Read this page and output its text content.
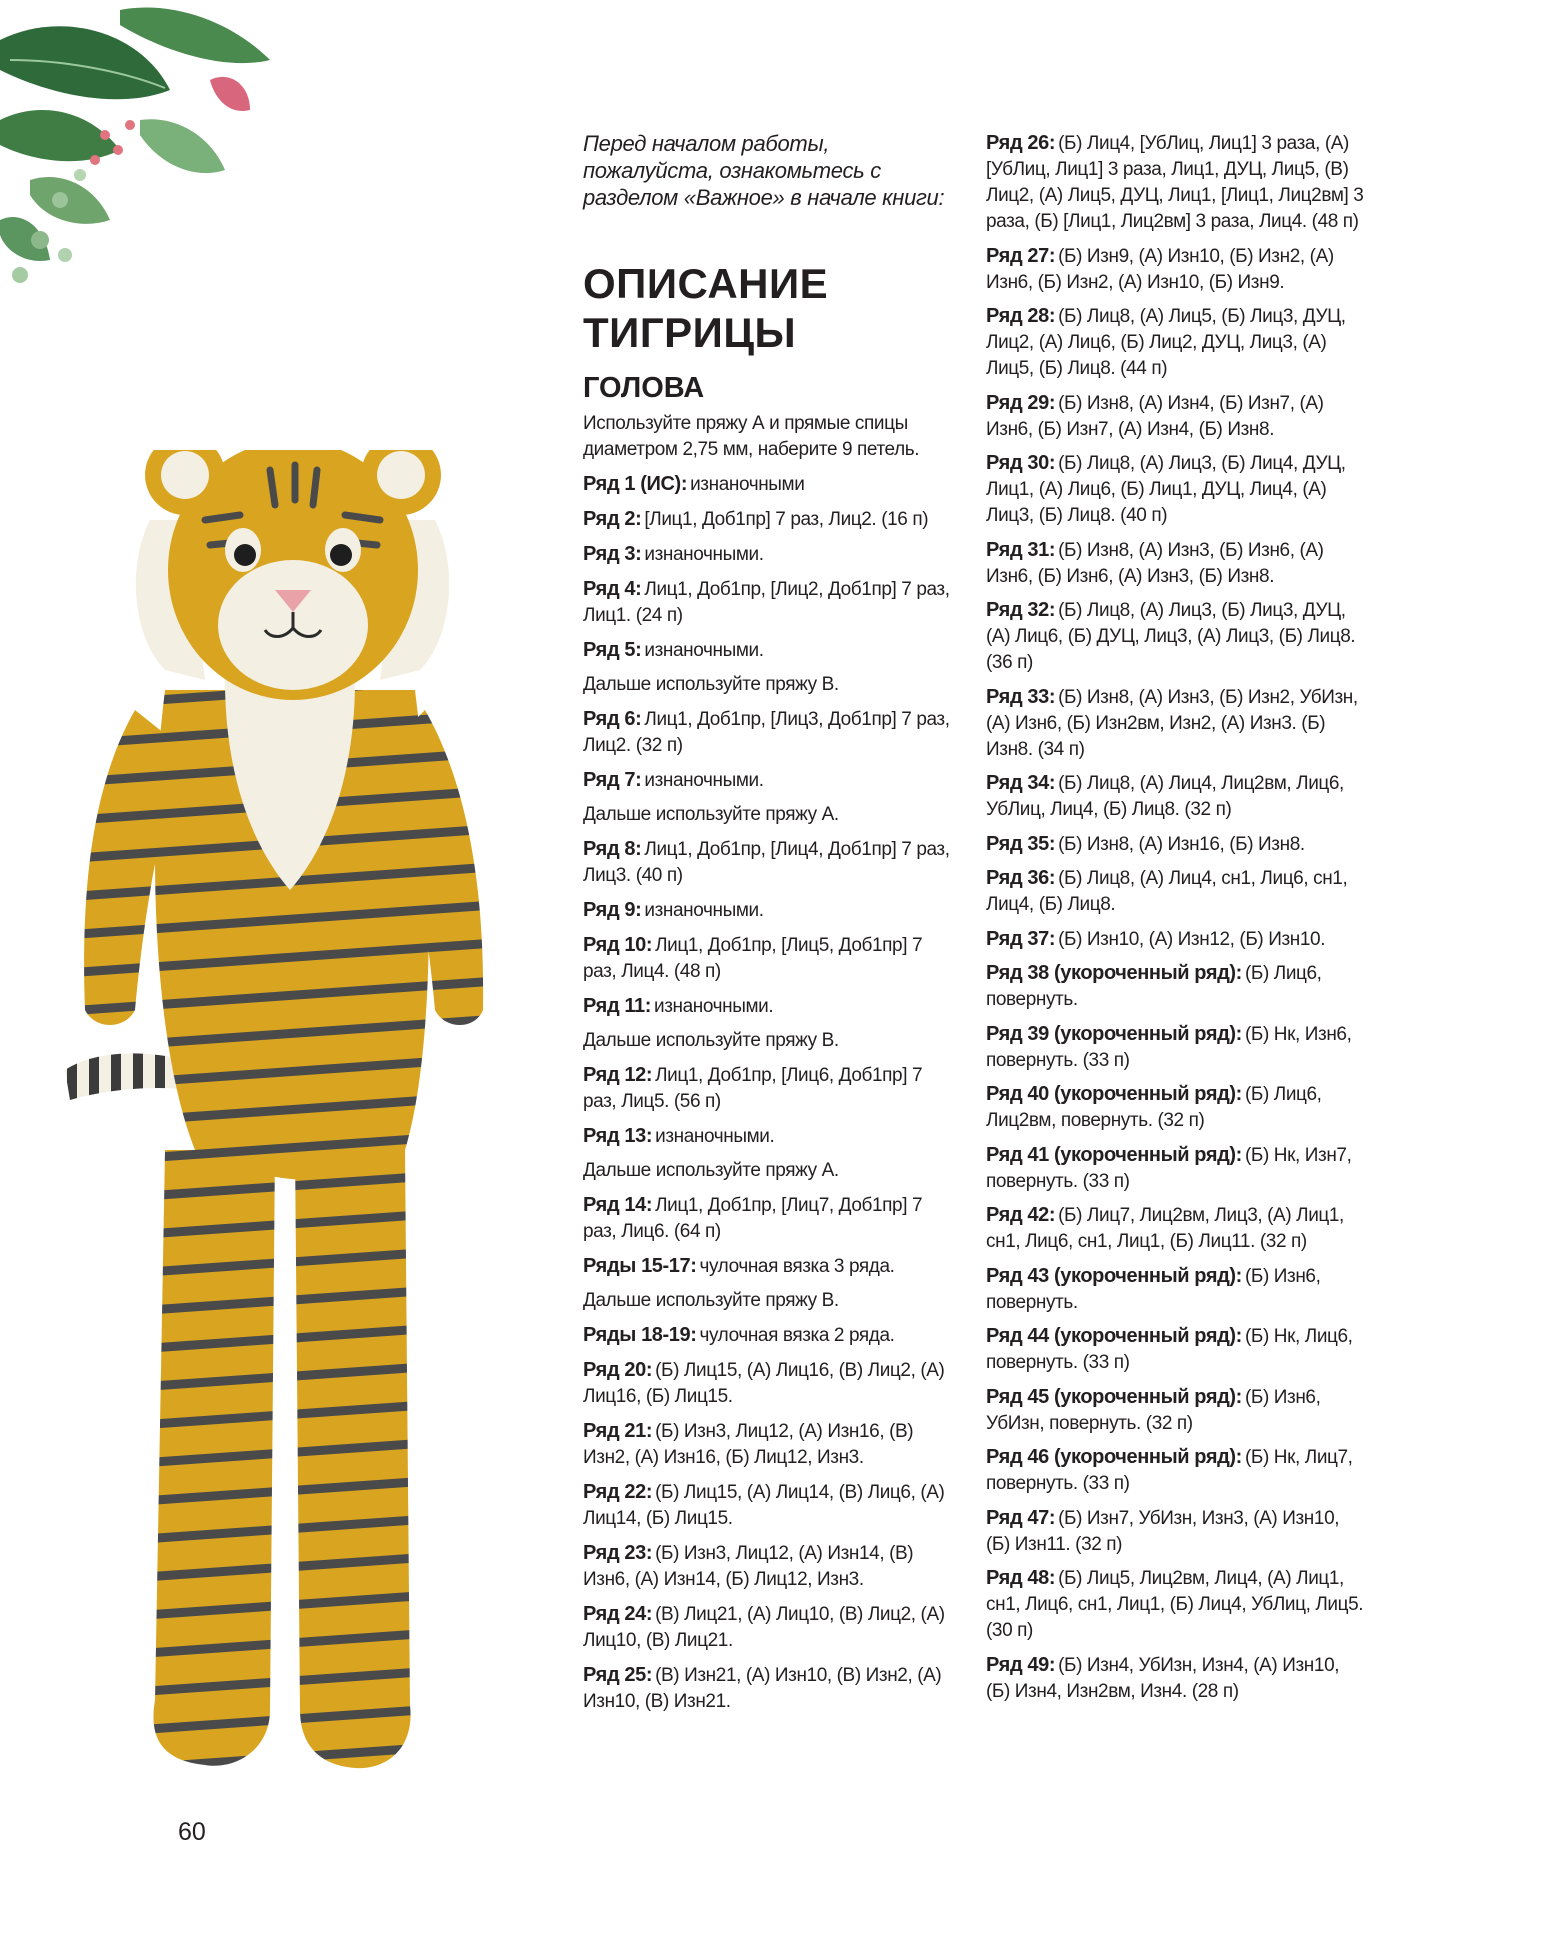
Перед началом работы, пожалуйста, ознакомьтесь с разделом «Важное» в начале книги:

ОПИСАНИЕ
ТИГРИЦЫ
ГОЛОВА

Используйте пряжу А и прямые спицы диаметром 2,75 мм, наберите 9 петель.

Ряд 1 (ИС): изнаночными

Ряд 2: [Лиц1, Доб1пр] 7 раз, Лиц2. (16 п)

Ряд 3: изнаночными.

Ряд 4: Лиц1, Доб1пр, [Лиц2, Доб1пр] 7 раз, Лиц1. (24 п)

Ряд 5: изнаночными.

Дальше используйте пряжу В.

Ряд 6: Лиц1, Доб1пр, [Лиц3, Доб1пр] 7 раз, Лиц2. (32 п)

Ряд 7: изнаночными.

Дальше используйте пряжу А.

Ряд 8: Лиц1, Доб1пр, [Лиц4, Доб1пр] 7 раз, Лиц3. (40 п)

Ряд 9: изнаночными.

Ряд 10: Лиц1, Доб1пр, [Лиц5, Доб1пр] 7 раз, Лиц4. (48 п)

Ряд 11: изнаночными.

Дальше используйте пряжу В.

Ряд 12: Лиц1, Доб1пр, [Лиц6, Доб1пр] 7 раз, Лиц5. (56 п)

Ряд 13: изнаночными.

Дальше используйте пряжу А.

Ряд 14: Лиц1, Доб1пр, [Лиц7, Доб1пр] 7 раз, Лиц6. (64 п)

Ряды 15-17: чулочная вязка 3 ряда.

Дальше используйте пряжу В.

Ряды 18-19: чулочная вязка 2 ряда.

Ряд 20: (Б) Лиц15, (А) Лиц16, (В) Лиц2, (А) Лиц16, (Б) Лиц15.

Ряд 21: (Б) Изн3, Лиц12, (А) Изн16, (В) Изн2, (А) Изн16, (Б) Лиц12, Изн3.

Ряд 22: (Б) Лиц15, (А) Лиц14, (В) Лиц6, (А) Лиц14, (Б) Лиц15.

Ряд 23: (Б) Изн3, Лиц12, (А) Изн14, (В) Изн6, (А) Изн14, (Б) Лиц12, Изн3.

Ряд 24: (В) Лиц21, (А) Лиц10, (В) Лиц2, (А) Лиц10, (В) Лиц21.

Ряд 25: (В) Изн21, (А) Изн10, (В) Изн2, (А) Изн10, (В) Изн21.

Ряд 26: (Б) Лиц4, [УбЛиц, Лиц1] 3 раза, (А) [УбЛиц, Лиц1] 3 раза, Лиц1, ДУЦ, Лиц5, (В) Лиц2, (А) Лиц5, ДУЦ, Лиц1, [Лиц1, Лиц2вм] 3 раза, (Б) [Лиц1, Лиц2вм] 3 раза, Лиц4. (48 п)

Ряд 27: (Б) Изн9, (А) Изн10, (Б) Изн2, (А) Изн6, (Б) Изн2, (А) Изн10, (Б) Изн9.

Ряд 28: (Б) Лиц8, (А) Лиц5, (Б) Лиц3, ДУЦ, Лиц2, (А) Лиц6, (Б) Лиц2, ДУЦ, Лиц3, (А) Лиц5, (Б) Лиц8. (44 п)

Ряд 29: (Б) Изн8, (А) Изн4, (Б) Изн7, (А) Изн6, (Б) Изн7, (А) Изн4, (Б) Изн8.

Ряд 30: (Б) Лиц8, (А) Лиц3, (Б) Лиц4, ДУЦ, Лиц1, (А) Лиц6, (Б) Лиц1, ДУЦ, Лиц4, (А) Лиц3, (Б) Лиц8. (40 п)

Ряд 31: (Б) Изн8, (А) Изн3, (Б) Изн6, (А) Изн6, (Б) Изн6, (А) Изн3, (Б) Изн8.

Ряд 32: (Б) Лиц8, (А) Лиц3, (Б) Лиц3, ДУЦ, (А) Лиц6, (Б) ДУЦ, Лиц3, (А) Лиц3, (Б) Лиц8. (36 п)

Ряд 33: (Б) Изн8, (А) Изн3, (Б) Изн2, УбИзн, (А) Изн6, (Б) Изн2вм, Изн2, (А) Изн3. (Б) Изн8. (34 п)

Ряд 34: (Б) Лиц8, (А) Лиц4, Лиц2вм, Лиц6, УбЛиц, Лиц4, (Б) Лиц8. (32 п)

Ряд 35: (Б) Изн8, (А) Изн16, (Б) Изн8.

Ряд 36: (Б) Лиц8, (А) Лиц4, сн1, Лиц6, сн1, Лиц4, (Б) Лиц8.

Ряд 37: (Б) Изн10, (А) Изн12, (Б) Изн10.

Ряд 38 (укороченный ряд): (Б) Лиц6, повернуть.

Ряд 39 (укороченный ряд): (Б) Нк, Изн6, повернуть. (33 п)

Ряд 40 (укороченный ряд): (Б) Лиц6, Лиц2вм, повернуть. (32 п)

Ряд 41 (укороченный ряд): (Б) Нк, Изн7, повернуть. (33 п)

Ряд 42: (Б) Лиц7, Лиц2вм, Лиц3, (А) Лиц1, сн1, Лиц6, сн1, Лиц1, (Б) Лиц11. (32 п)

Ряд 43 (укороченный ряд): (Б) Изн6, повернуть.

Ряд 44 (укороченный ряд): (Б) Нк, Лиц6, повернуть. (33 п)

Ряд 45 (укороченный ряд): (Б) Изн6, УбИзн, повернуть. (32 п)

Ряд 46 (укороченный ряд): (Б) Нк, Лиц7, повернуть. (33 п)

Ряд 47: (Б) Изн7, УбИзн, Изн3, (А) Изн10, (Б) Изн11. (32 п)

Ряд 48: (Б) Лиц5, Лиц2вм, Лиц4, (А) Лиц1, сн1, Лиц6, сн1, Лиц1, (Б) Лиц4, УбЛиц, Лиц5. (30 п)

Ряд 49: (Б) Изн4, УбИзн, Изн4, (А) Изн10, (Б) Изн4, Изн2вм, Изн4. (28 п)

60
